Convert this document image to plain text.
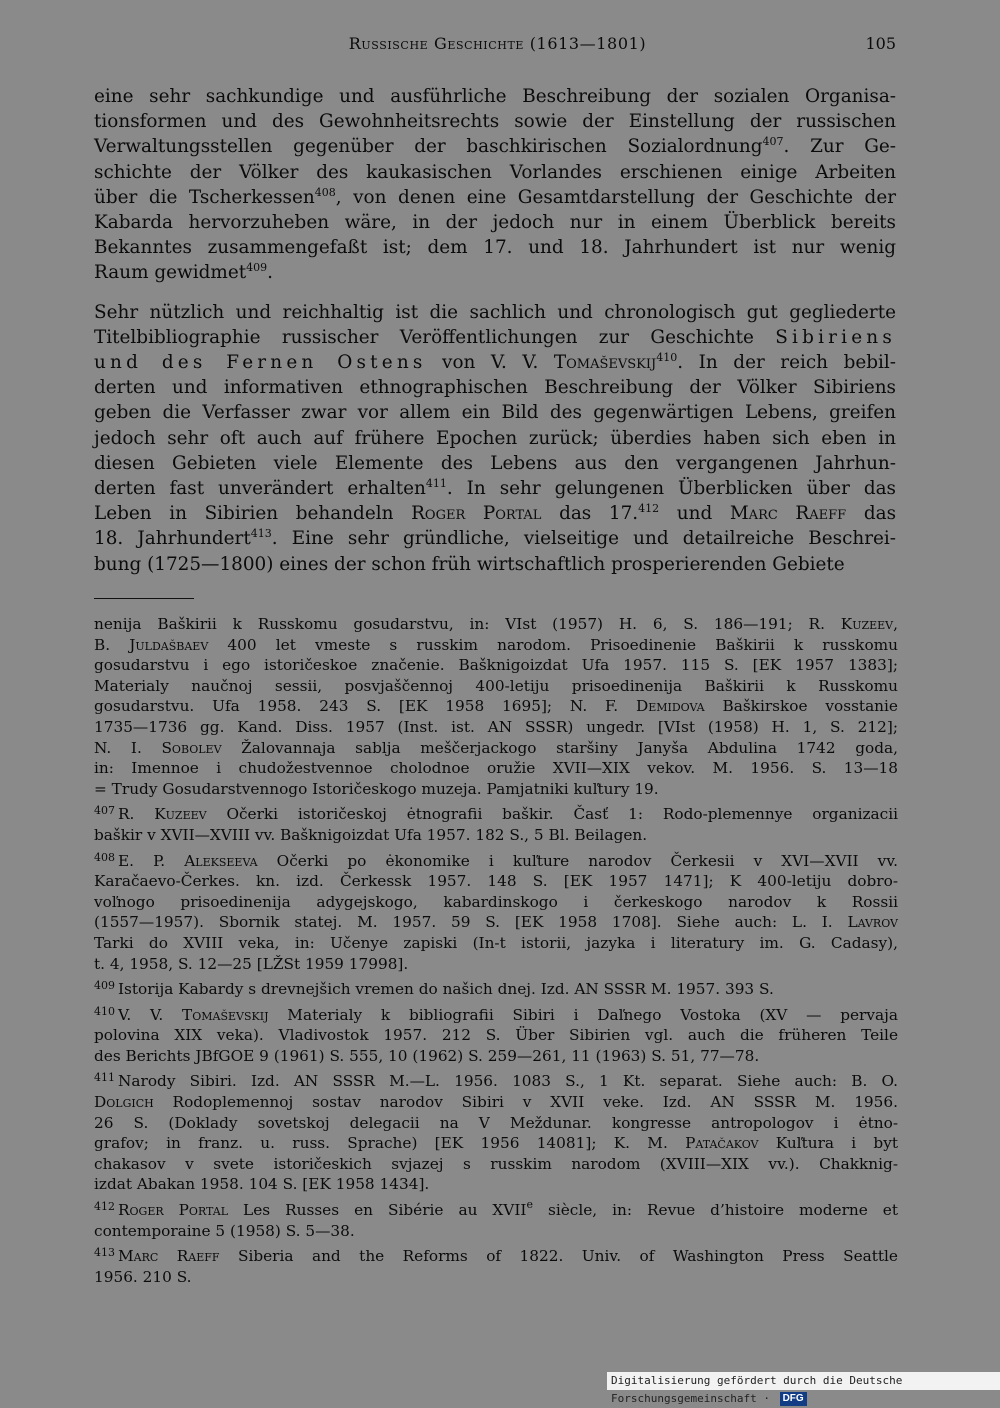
Russische Geschichte (1613—1801)	105
eine sehr sachkundige und ausführliche Beschreibung der sozialen Organisa-
tionsformen und des Gewohnheitsrechts sowie der Einstellung der russischen
Verwaltungsstellen gegenüber der baschkirischen Sozialordnung$^{407}$. Zur Ge-
schichte der Völker des kaukasischen Vorlandes erschienen einige Arbeiten
über die Tscherkessen$^{408}$, von denen eine Gesamtdarstellung der Geschichte der
Kabarda hervorzuheben wäre, in der jedoch nur in einem Überblick bereits
Bekanntes zusammengefaßt ist; dem 17. und 18. Jahrhundert ist nur wenig
Raum gewidmet$^{409}$.
Sehr nützlich und reichhaltig ist die sachlich und chronologisch gut gegliederte
Titelbibliographie russischer Veröffentlichungen zur Geschichte Sibiriens
und des Fernen Ostens von V. V. Tomaševskij$^{410}$. In der reich bebil-
derten und informativen ethnographischen Beschreibung der Völker Sibiriens
geben die Verfasser zwar vor allem ein Bild des gegenwärtigen Lebens, greifen
jedoch sehr oft auch auf frühere Epochen zurück; überdies haben sich eben in
diesen Gebieten viele Elemente des Lebens aus den vergangenen Jahrhun-
derten fast unverändert erhalten$^{411}$. In sehr gelungenen Überblicken über das
Leben in Sibirien behandeln Roger Portal das 17.$^{412}$ und Marc Raeff das
18. Jahrhundert$^{413}$. Eine sehr gründliche, vielseitige und detailreiche Beschrei-
bung (1725—1800) eines der schon früh wirtschaftlich prosperierenden Gebiete
nenija Baškirii k Russkomu gosudarstvu, in: VIst (1957) H. 6, S. 186—191; R. Kuzeev,
B. Juldašbaev 400 let vmeste s russkim narodom. Prisoedinenie Baškirii k russkomu
gosudarstvu i ego istoričeskoe značenie. Bašknigoizdat Ufa 1957. 115 S. [EK 1957 1383];
Materialy naučnoj sessii, posvjaščennoj 400-letiju prisoedinenija Baškirii k Russkomu
gosudarstvu. Ufa 1958. 243 S. [EK 1958 1695]; N. F. Demidova Baškirskoe vosstanie
1735—1736 gg. Kand. Diss. 1957 (Inst. ist. AN SSSR) ungedr. [VIst (1958) H. 1, S. 212];
N. I. Sobolev Žalovannaja sablja meščerjackogo staršiny Janyša Abdulina 1742 goda,
in: Imennoe i chudožestvennoe cholodnoe oružie XVII—XIX vekov. M. 1956. S. 13—18
= Trudy Gosudarstvennogo Istoričeskogo muzeja. Pamjatniki kuľtury 19.
$^{407}$ R. Kuzeev Očerki istoričeskoj ėtnografii baškir. Časť 1: Rodo-plemennye organizacii
baškir v XVII—XVIII vv. Bašknigoizdat Ufa 1957. 182 S., 5 Bl. Beilagen.
$^{408}$ E. P. Alekseeva Očerki po ėkonomike i kuľture narodov Čerkesii v XVI—XVII vv.
Karačaevo-Čerkes. kn. izd. Čerkessk 1957. 148 S. [EK 1957 1471]; K 400-letiju dobro-
voľnogo prisoedinenija adygejskogo, kabardinskogo i čerkeskogo narodov k Rossii
(1557—1957). Sbornik statej. M. 1957. 59 S. [EK 1958 1708]. Siehe auch: L. I. Lavrov
Tarki do XVIII veka, in: Učenye zapiski (In-t istorii, jazyka i literatury im. G. Cadasy),
t. 4, 1958, S. 12—25 [LŽSt 1959 17998].
$^{409}$ Istorija Kabardy s drevnejšich vremen do našich dnej. Izd. AN SSSR M. 1957. 393 S.
$^{410}$ V. V. Tomaševskij Materialy k bibliografii Sibiri i Daľnego Vostoka (XV — pervaja
polovina XIX veka). Vladivostok 1957. 212 S. Über Sibirien vgl. auch die früheren Teile
des Berichts JBfGOE 9 (1961) S. 555, 10 (1962) S. 259—261, 11 (1963) S. 51, 77—78.
$^{411}$ Narody Sibiri. Izd. AN SSSR M.—L. 1956. 1083 S., 1 Kt. separat. Siehe auch: B. O.
Dolgich Rodoplemennoj sostav narodov Sibiri v XVII veke. Izd. AN SSSR M. 1956.
26 S. (Doklady sovetskoj delegacii na V Meždunar. kongresse antropologov i ėtno-
grafov; in franz. u. russ. Sprache) [EK 1956 14081]; K. M. Patačakov Kuľtura i byt
chakasov v svete istoričeskich svjazej s russkim narodom (XVIII—XIX vv.). Chakknig-
izdat Abakan 1958. 104 S. [EK 1958 1434].
$^{412}$ Roger Portal Les Russes en Sibérie au XVIIe siècle, in: Revue d’histoire moderne et
contemporaine 5 (1958) S. 5—38.
$^{413}$ Marc Raeff Siberia and the Reforms of 1822. Univ. of Washington Press Seattle
1956. 210 S.
Digitalisierung gefördert durch die Deutsche Forschungsgemeinschaft · DFG
